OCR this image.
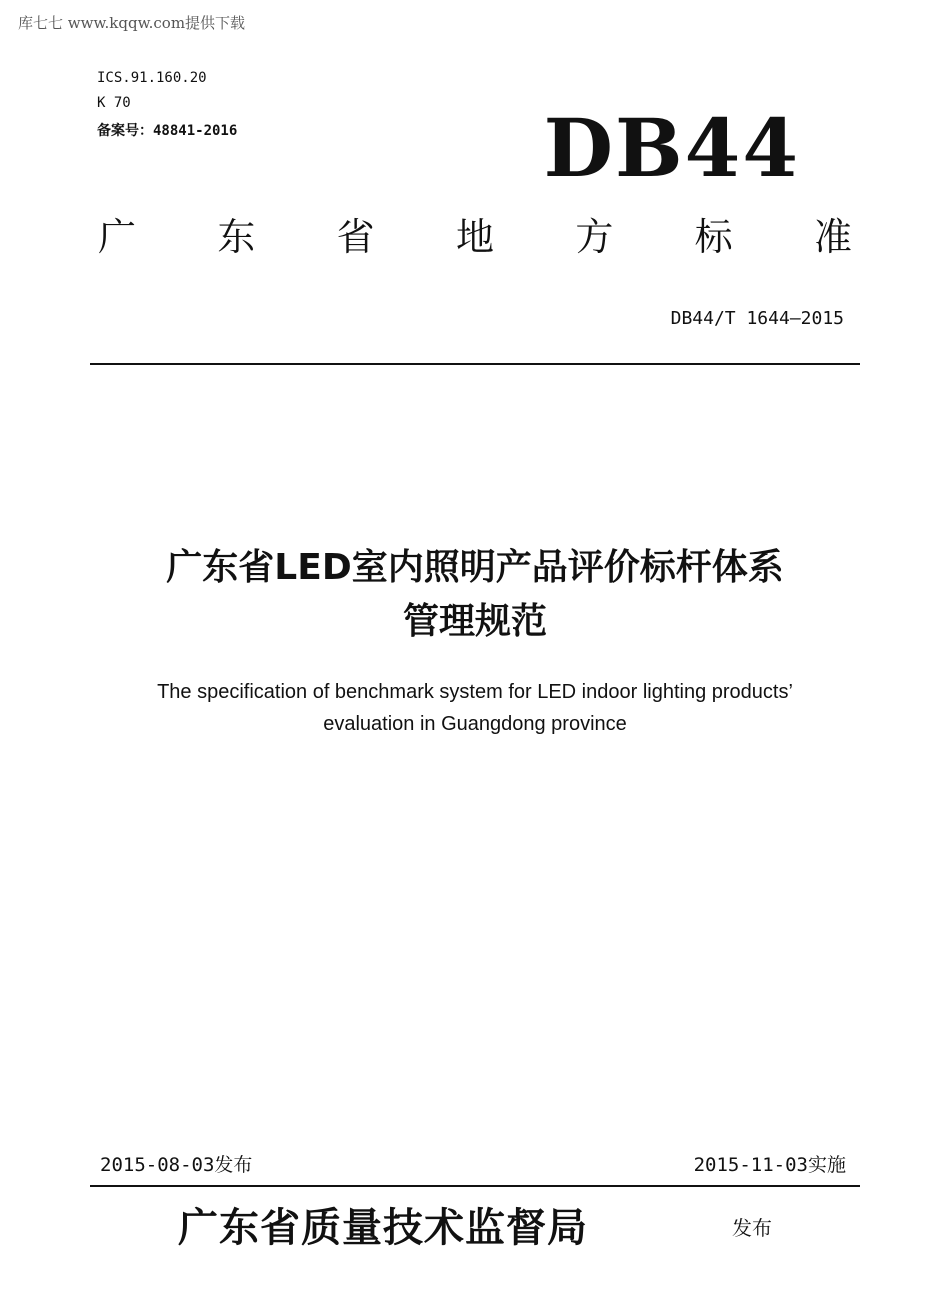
库七七 www.kqqw.com提供下载
ICS.91.160.20
K 70
备案号：48841-2016	DB44
广 东 省 地 方 标 准
DB44/T 1644—2015
广东省LED室内照明产品评价标杆体系
管理规范
The specification of benchmark system for LED indoor lighting products’
evaluation in Guangdong province
2015-08-03发布	2015-11-03实施
广东省质量技术监督局	发布
